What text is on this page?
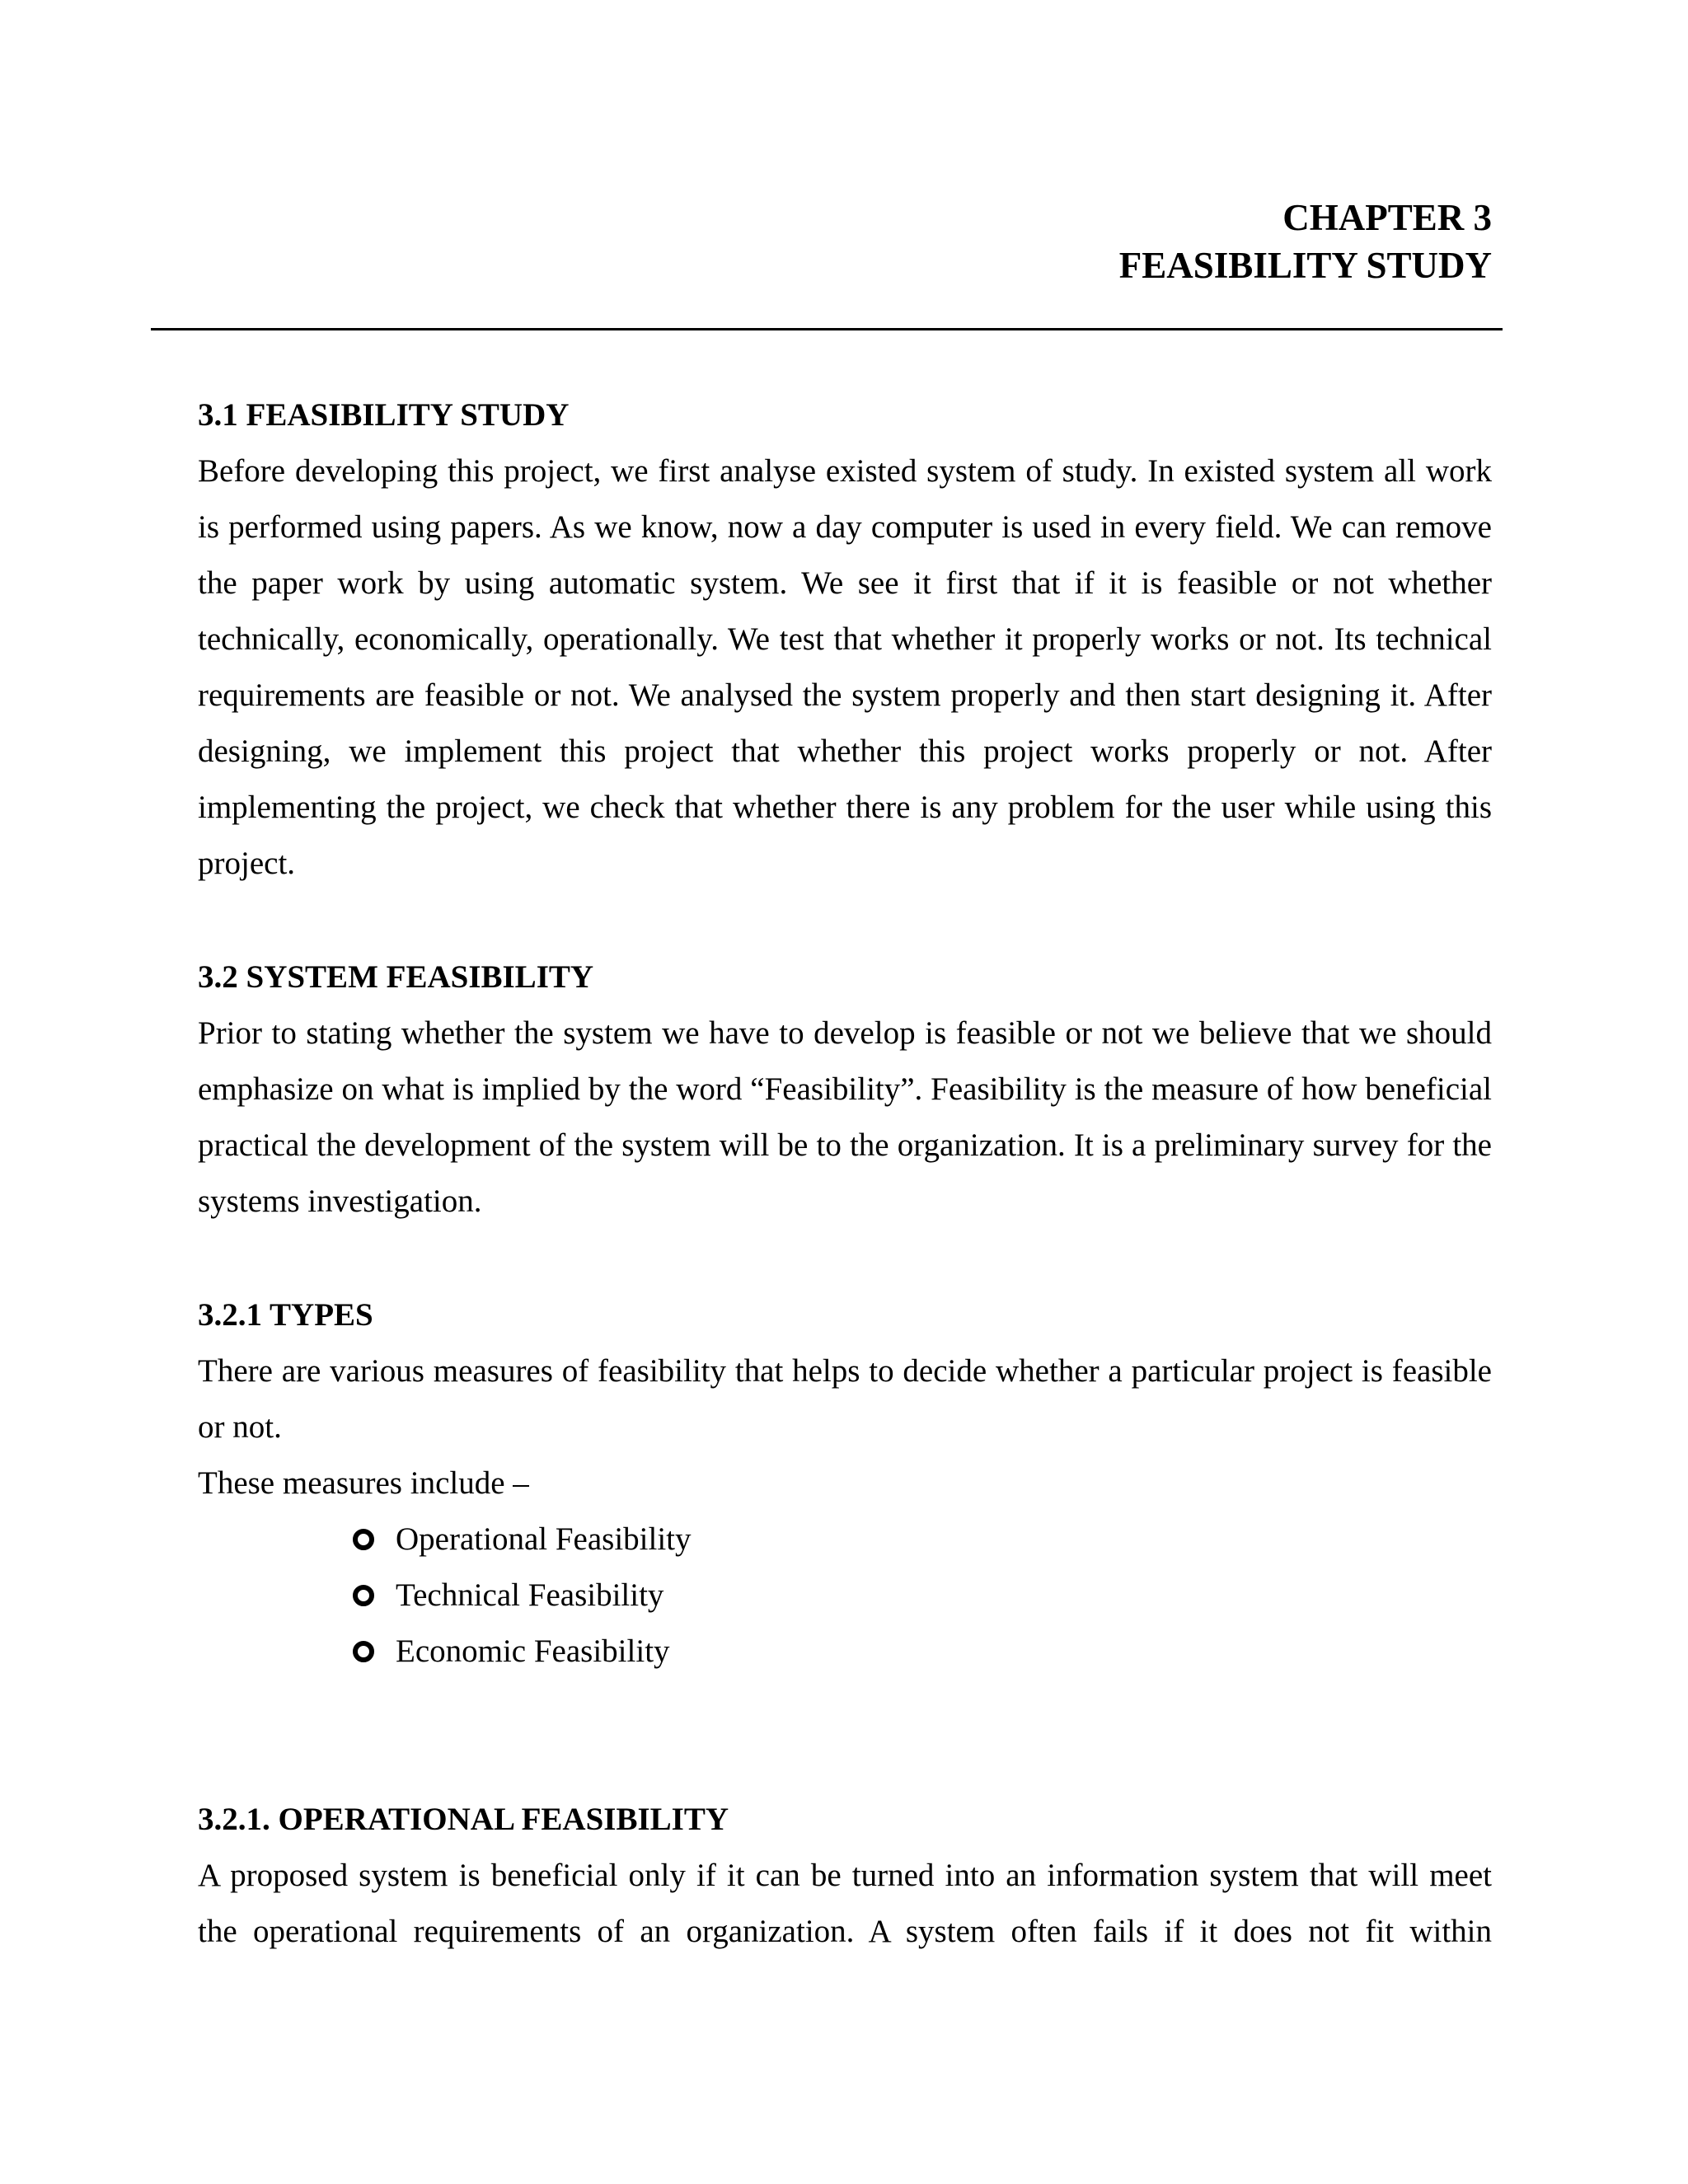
CHAPTER 3
FEASIBILITY STUDY
3.1 FEASIBILITY STUDY

Before developing this project, we first analyse existed system of study. In existed system all work is performed using papers. As we know, now a day computer is used in every field. We can remove the paper work by using automatic system. We see it first that if it is feasible or not whether technically, economically, operationally. We test that whether it properly works or not. Its technical requirements are feasible or not. We analysed the system properly and then start designing it. After designing, we implement this project that whether this project works properly or not. After implementing the project, we check that whether there is any problem for the user while using this project.

3.2 SYSTEM FEASIBILITY

Prior to stating whether the system we have to develop is feasible or not we believe that we should emphasize on what is implied by the word “Feasibility”. Feasibility is the measure of how beneficial practical the development of the system will be to the organization. It is a preliminary survey for the systems investigation.

3.2.1 TYPES

There are various measures of feasibility that helps to decide whether a particular project is feasible or not.

These measures include –

Operational Feasibility
Technical Feasibility
Economic Feasibility
3.2.1. OPERATIONAL FEASIBILITY

A proposed system is beneficial only if it can be turned into an information system that will meet the operational requirements of an organization. A system often fails if it does not fit within
